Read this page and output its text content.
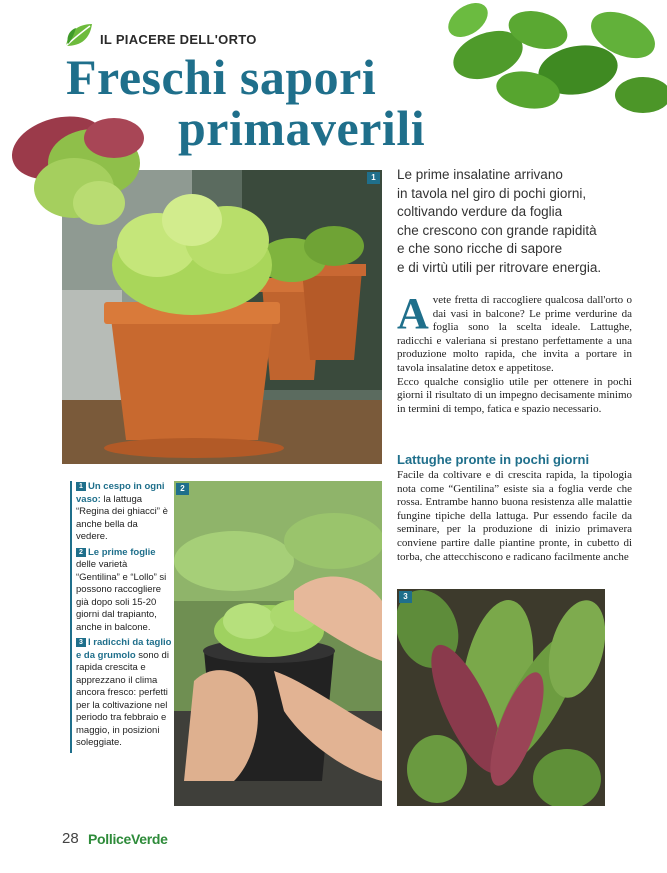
IL PIACERE DELL'ORTO
Freschi sapori
primaverili
1	Le prime insalatine arrivano
in tavola nel giro di pochi giorni,
coltivando verdure da foglia
che crescono con grande rapidità
e che sono ricche di sapore
e di virtù utili per ritrovare energia.
Avete fretta di raccogliere qualcosa dall'orto o dai vasi in balcone? Le prime verdurine da foglia sono la scelta ideale. Lattughe, radicchi e valeriana si prestano perfettamente a una produzione molto rapida, che invita a portare in tavola insalatine detox e appetitose.
Ecco qualche consiglio utile per ottenere in pochi giorni il risultato di un impegno decisamente minimo in termini di tempo, fatica e spazio necessario.
Lattughe pronte in pochi giorni
Facile da coltivare e di crescita rapida, la tipologia nota come “Gentilina” esiste sia a foglia verde che rossa. Entrambe hanno buona resistenza alle malattie fungine tipiche della lattuga. Pur essendo facile da seminare, per la produzione di inizio primavera conviene partire dalle piantine pronte, in cubetto di torba, che attecchiscono e radicano facilmente anche
1 Un cespo in ogni vaso: la lattuga “Regina dei ghiacci” è anche bella da vedere.
2 Le prime foglie delle varietà “Gentilina” e “Lollo” si possono raccogliere già dopo soli 15-20 giorni dal trapianto, anche in balcone.
3 I radicchi da taglio e da grumolo sono di rapida crescita e apprezzano il clima ancora fresco: perfetti per la coltivazione nel periodo tra febbraio e maggio, in posizioni soleggiate.
2
3
28 PolliceVerde
